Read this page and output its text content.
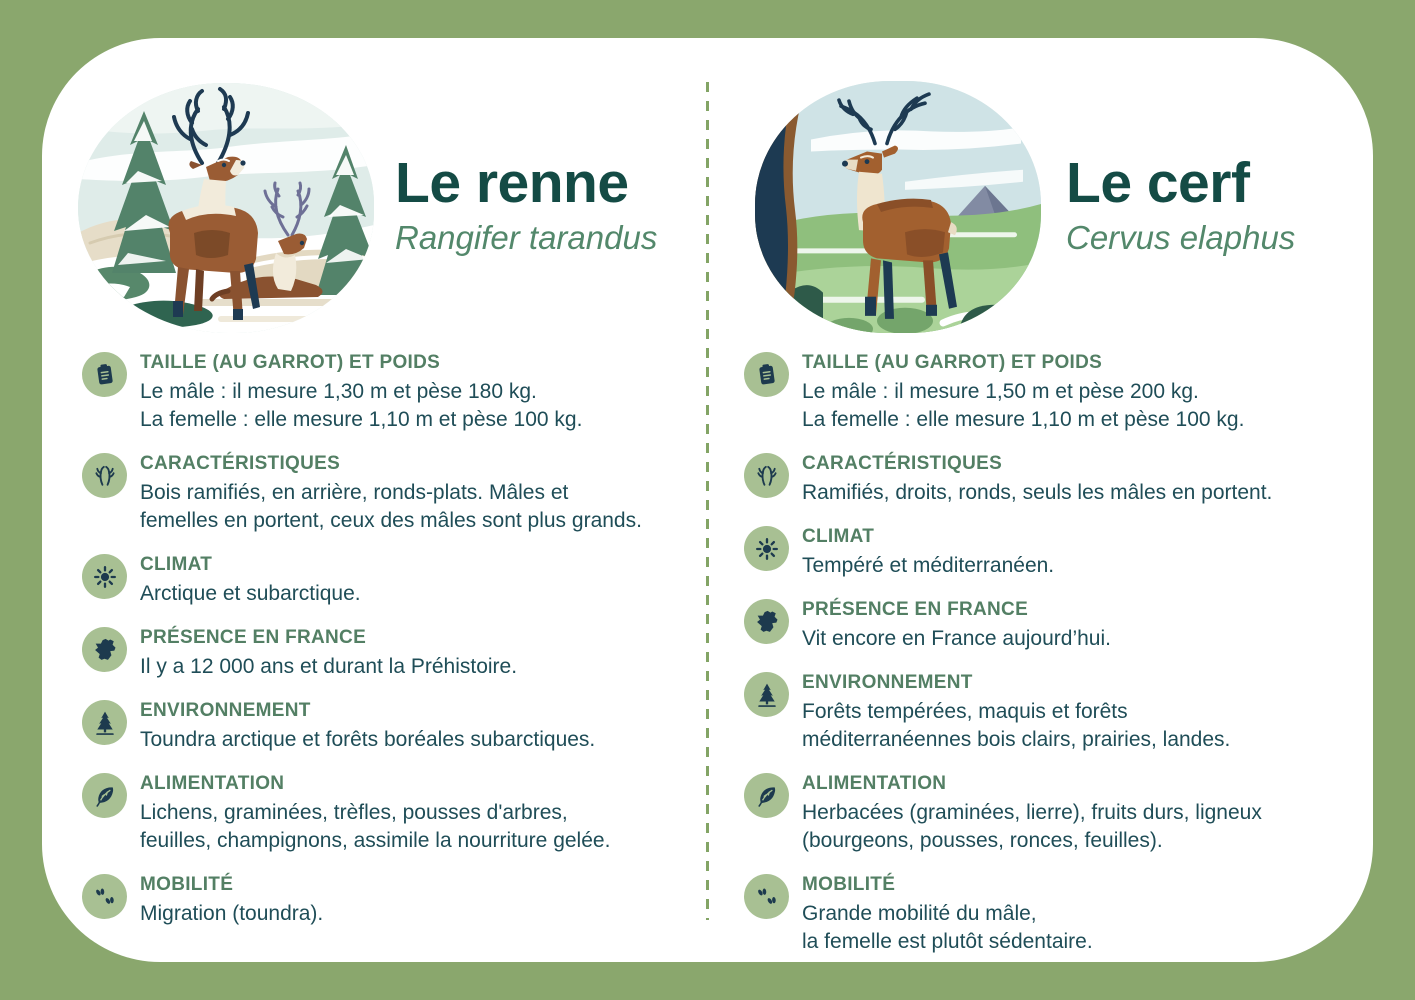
Le renne
Rangifer tarandus
TAILLE (AU GARROT) ET POIDS
Le mâle : il mesure 1,30 m et pèse 180 kg.
La femelle : elle mesure 1,10 m et pèse 100 kg.
CARACTÉRISTIQUES
Bois ramifiés, en arrière, ronds-plats. Mâles et
femelles en portent, ceux des mâles sont plus grands.
CLIMAT
Arctique et subarctique.
PRÉSENCE EN FRANCE
Il y a 12 000 ans et durant la Préhistoire.
ENVIRONNEMENT
Toundra arctique et forêts boréales subarctiques.
ALIMENTATION
Lichens, graminées, trèfles, pousses d'arbres,
feuilles, champignons, assimile la nourriture gelée.
MOBILITÉ
Migration (toundra).
Le cerf
Cervus elaphus
TAILLE (AU GARROT) ET POIDS
Le mâle : il mesure 1,50 m et pèse 200 kg.
La femelle : elle mesure 1,10 m et pèse 100 kg.
CARACTÉRISTIQUES
Ramifiés, droits, ronds, seuls les mâles en portent.
CLIMAT
Tempéré et méditerranéen.
PRÉSENCE EN FRANCE
Vit encore en France aujourd’hui.
ENVIRONNEMENT
Forêts tempérées, maquis et forêts
méditerranéennes bois clairs, prairies, landes.
ALIMENTATION
Herbacées (graminées, lierre), fruits durs, ligneux
(bourgeons, pousses, ronces, feuilles).
MOBILITÉ
Grande mobilité du mâle,
la femelle est plutôt sédentaire.
